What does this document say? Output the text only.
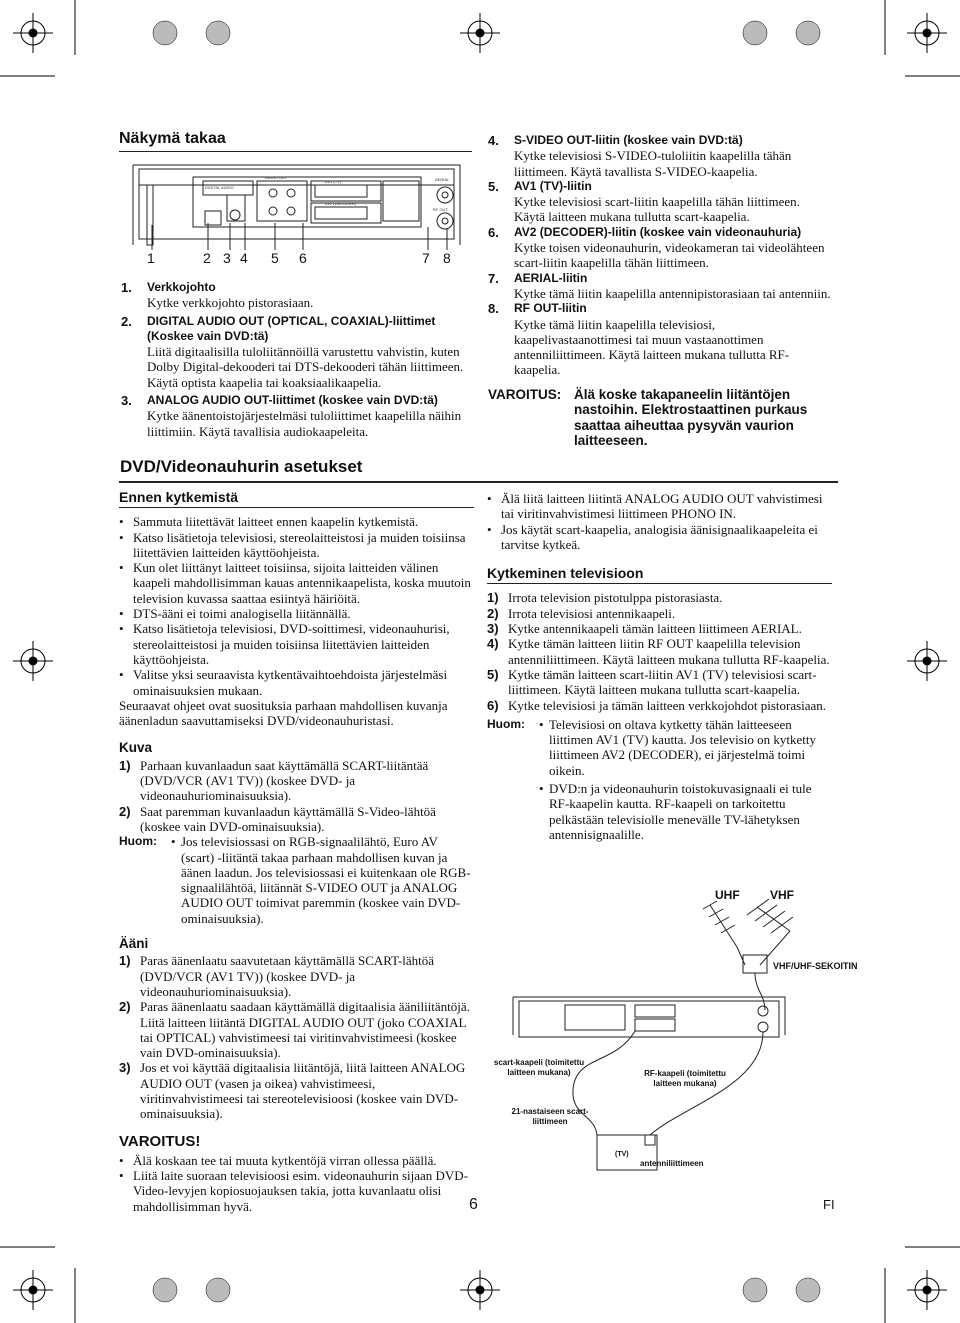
Näkymä takaa
DIGITAL AUDIO
AUDIO OUT
AV1 (TV)
AV2 (DECODER)
AERIAL
RF OUT
1	2 3 4 5 6	7 8
1. Verkkojohto

Kytke verkkojohto pistorasiaan.

2. DIGITAL AUDIO OUT (OPTICAL, COAXIAL)-liittimet (Koskee vain DVD:tä)

Liitä digitaalisilla tuloliitännöillä varustettu vahvistin, kuten Dolby Digital-dekooderi tai DTS-dekooderi tähän liittimeen. Käytä optista kaapelia tai koaksiaalikaapelia.

3. ANALOG AUDIO OUT-liittimet (koskee vain DVD:tä)

Kytke äänentoistojärjestelmäsi tuloliittimet kaapelilla näihin liittimiin. Käytä tavallisia audiokaapeleita.

4. S-VIDEO OUT-liitin (koskee vain DVD:tä)

Kytke televisiosi S-VIDEO-tuloliitin kaapelilla tähän liittimeen. Käytä tavallista S-VIDEO-kaapelia.

5. AV1 (TV)-liitin

Kytke televisiosi scart-liitin kaapelilla tähän liittimeen. Käytä laitteen mukana tullutta scart-kaapelia.

6. AV2 (DECODER)-liitin (koskee vain videonauhuria)

Kytke toisen videonauhurin, videokameran tai videolähteen scart-liitin kaapelilla tähän liittimeen.

7. AERIAL-liitin

Kytke tämä liitin kaapelilla antennipistorasiaan tai antenniin.

8. RF OUT-liitin

Kytke tämä liitin kaapelilla televisiosi, kaapelivastaanottimesi tai muun vastaanottimen antenniliittimeen. Käytä laitteen mukana tullutta RF-kaapelia.

VAROITUS: Älä koske takapaneelin liitäntöjen nastoihin. Elektrostaattinen purkaus saattaa aiheuttaa pysyvän vaurion laitteeseen.
DVD/Videonauhurin asetukset
Ennen kytkemistä
• Sammuta liitettävät laitteet ennen kaapelin kytkemistä.
• Katso lisätietoja televisiosi, stereolaitteistosi ja muiden toisiinsa liitettävien laitteiden käyttöohjeista.
• Kun olet liittänyt laitteet toisiinsa, sijoita laitteiden välinen kaapeli mahdollisimman kauas antennikaapelista, koska muutoin television kuvassa saattaa esiintyä häiriöitä.
• DTS-ääni ei toimi analogisella liitännällä.
• Katso lisätietoja televisiosi, DVD-soittimesi, videonauhurisi, stereolaitteistosi ja muiden toisiinsa liitettävien laitteiden käyttöohjeista.
• Valitse yksi seuraavista kytkentävaihtoehdoista järjestelmäsi ominaisuuksien mukaan.

Seuraavat ohjeet ovat suosituksia parhaan mahdollisen kuvanja äänenladun saavuttamiseksi DVD/videonauhuristasi.

Kuva
1) Parhaan kuvanlaadun saat käyttämällä SCART-liitäntää (DVD/VCR (AV1 TV)) (koskee DVD- ja videonauhuriominaisuuksia).
2) Saat paremman kuvanlaadun käyttämällä S-Video-lähtöä (koskee vain DVD-ominaisuuksia).
Huom:	• Jos televisiossasi on RGB-signaalilähtö, Euro AV (scart) -liitäntä takaa parhaan mahdollisen kuvan ja äänen laadun. Jos televisiossasi ei kuitenkaan ole RGB-signaalilähtöä, liitännät S-VIDEO OUT ja ANALOG AUDIO OUT toimivat paremmin (koskee vain DVD-ominaisuuksia).
Ääni
1) Paras äänenlaatu saavutetaan käyttämällä SCART-lähtöä (DVD/VCR (AV1 TV)) (koskee DVD- ja videonauhuriominaisuuksia).
2) Paras äänenlaatu saadaan käyttämällä digitaalisia ääniliitäntöjä. Liitä laitteen liitäntä DIGITAL AUDIO OUT (joko COAXIAL tai OPTICAL) vahvistimeesi tai viritinvahvistimeesi (koskee vain DVD-ominaisuuksia).
3) Jos et voi käyttää digitaalisia liitäntöjä, liitä laitteen ANALOG AUDIO OUT (vasen ja oikea) vahvistimeesi, viritinvahvistimeesi tai stereotelevisioosi (koskee vain DVD-ominaisuuksia).
VAROITUS!
• Älä koskaan tee tai muuta kytkentöjä virran ollessa päällä.
• Liitä laite suoraan televisioosi esim. videonauhurin sijaan DVD-Video-levyjen kopiosuojauksen takia, jotta kuvanlaatu olisi mahdollisimman hyvä.
• Älä liitä laitteen liitintä ANALOG AUDIO OUT vahvistimesi tai viritinvahvistimesi liittimeen PHONO IN.
• Jos käytät scart-kaapelia, analogisia äänisignaalikaapeleita ei tarvitse kytkeä.
Kytkeminen televisioon
1) Irrota television pistotulppa pistorasiasta.
2) Irrota televisiosi antennikaapeli.
3) Kytke antennikaapeli tämän laitteen liittimeen AERIAL.
4) Kytke tämän laitteen liitin RF OUT kaapelilla television antenniliittimeen. Käytä laitteen mukana tullutta RF-kaapelia.
5) Kytke tämän laitteen scart-liitin AV1 (TV) televisiosi scart-liittimeen. Käytä laitteen mukana tullutta scart-kaapelia.
6) Kytke televisiosi ja tämän laitteen verkkojohdot pistorasiaan.
Huom:	• Televisiosi on oltava kytketty tähän laitteeseen liittimen AV1 (TV) kautta. Jos televisio on kytketty liittimeen AV2 (DECODER), ei järjestelmä toimi oikein.
• DVD:n ja videonauhurin toistokuvasignaali ei tule RF-kaapelin kautta. RF-kaapeli on tarkoitettu pelkästään televisiolle menevälle TV-lähetyksen antennisignaalille.
UHF	VHF
VHF/UHF-SEKOITIN
(TV)
antenniliittimeen
scart-kaapeli (toimitettu laitteen mukana)
21-nastaiseen scart-liittimeen
RF-kaapeli (toimitettu laitteen mukana)
6	FI
